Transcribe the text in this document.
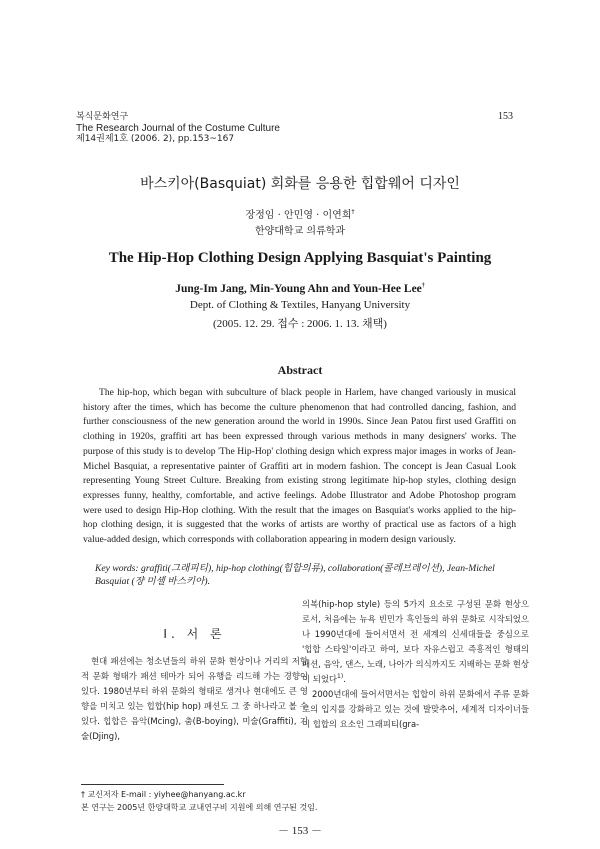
복식문화연구
The Research Journal of the Costume Culture
제14권제1호 (2006. 2), pp.153~167
153
바스키아(Basquiat) 회화를 응용한 힙합웨어 디자인
장정임 · 안민영 · 이연희†
한양대학교 의류학과
The Hip-Hop Clothing Design Applying Basquiat's Painting
Jung-Im Jang, Min-Young Ahn and Youn-Hee Lee†
Dept. of Clothing & Textiles, Hanyang University
(2005. 12. 29. 접수 : 2006. 1. 13. 채택)
Abstract
The hip-hop, which began with subculture of black people in Harlem, have changed variously in musical history after the times, which has become the culture phenomenon that had controlled dancing, fashion, and further consciousness of the new generation around the world in 1990s. Since Jean Patou first used Graffiti on clothing in 1920s, graffiti art has been expressed through various methods in many designers' works. The purpose of this study is to develop 'The Hip-Hop' clothing design which express major images in works of Jean-Michel Basquiat, a representative painter of Graffiti art in modern fashion. The concept is Jean Casual Look representing Young Street Culture. Breaking from existing strong legitimate hip-hop styles, clothing design expresses funny, healthy, comfortable, and active feelings. Adobe Illustrator and Adobe Photoshop program were used to design Hip-Hop clothing. With the result that the images on Basquiat's works applied to the hip-hop clothing design, it is suggested that the works of artists are worthy of practical use as factors of a high value-added design, which corresponds with collaboration appearing in modern design variously.
Key words: graffiti(그래피티), hip-hop clothing(힙합의류), collaboration(콜레브레이션), Jean-Michel Basquiat (쟝 미셸 바스키아).
Ⅰ. 서 론

현대 패션에는 청소년들의 하위 문화 현상이나 거리의 저항적 문화 형태가 패션 테마가 되어 유행을 리드해 가는 경향이 있다. 1980년부터 하위 문화의 형태로 생겨나 현대에도 큰 영향을 미치고 있는 힙합(hip hop) 패션도 그 중 하나라고 볼 수 있다. 힙합은 음악(Mcing), 춤(B-boying), 미술(Graffiti), 기술(Djing),

의복(hip-hop style) 등의 5가지 요소로 구성된 문화 현상으로서, 처음에는 뉴욕 빈민가 흑인들의 하위 문화로 시작되었으나 1990년대에 들어서면서 전 세계의 신세대들을 중심으로 '힙합 스타일'이라고 하여, 보다 자유스럽고 즉흥적인 형태의 패션, 음악, 댄스, 노래, 나아가 의식까지도 지배하는 문화 현상이 되었다$^{1)}$.

2000년대에 들어서면서는 힙합이 하위 문화에서 주류 문화로의 입지를 강화하고 있는 것에 발맞추어, 세계적 디자이너들이 힙합의 요소인 그래피티(gra-

† 교신저자 E-mail : yiyhee@hanyang.ac.kr
본 연구는 2005년 한양대학교 교내연구비 지원에 의해 연구된 것임.
－ 153 －
